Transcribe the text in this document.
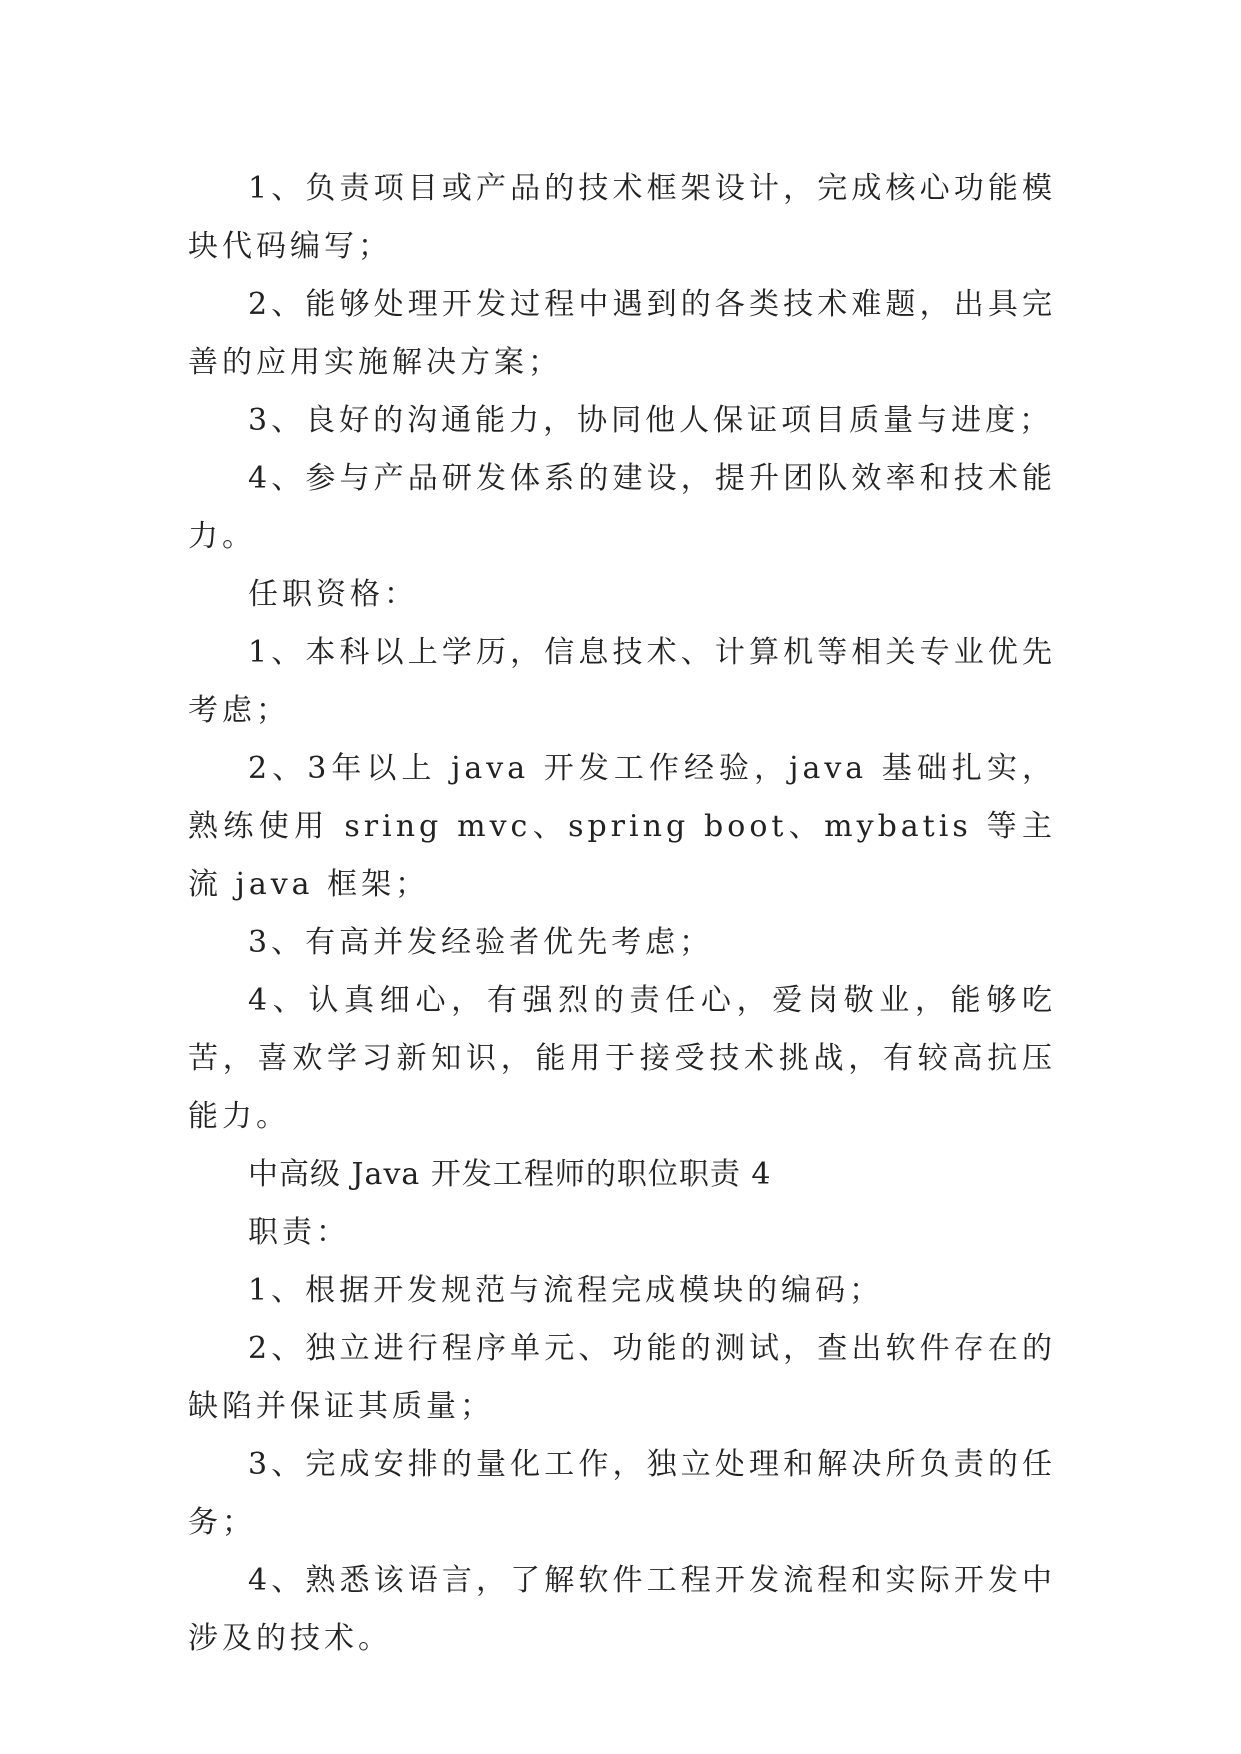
1、负责项目或产品的技术框架设计，完成核心功能模块代码编写；

2、能够处理开发过程中遇到的各类技术难题，出具完善的应用实施解决方案；

3、良好的沟通能力，协同他人保证项目质量与进度；

4、参与产品研发体系的建设，提升团队效率和技术能力。

任职资格：

1、本科以上学历，信息技术、计算机等相关专业优先考虑；

2、3年以上 java 开发工作经验，java 基础扎实，熟练使用 sring mvc、spring boot、mybatis 等主流 java 框架；

3、有高并发经验者优先考虑；

4、认真细心，有强烈的责任心，爱岗敬业，能够吃苦，喜欢学习新知识，能用于接受技术挑战，有较高抗压能力。

中高级 Java 开发工程师的职位职责 4

职责：

1、根据开发规范与流程完成模块的编码；

2、独立进行程序单元、功能的测试，查出软件存在的缺陷并保证其质量；

3、完成安排的量化工作，独立处理和解决所负责的任务；

4、熟悉该语言，了解软件工程开发流程和实际开发中涉及的技术。
